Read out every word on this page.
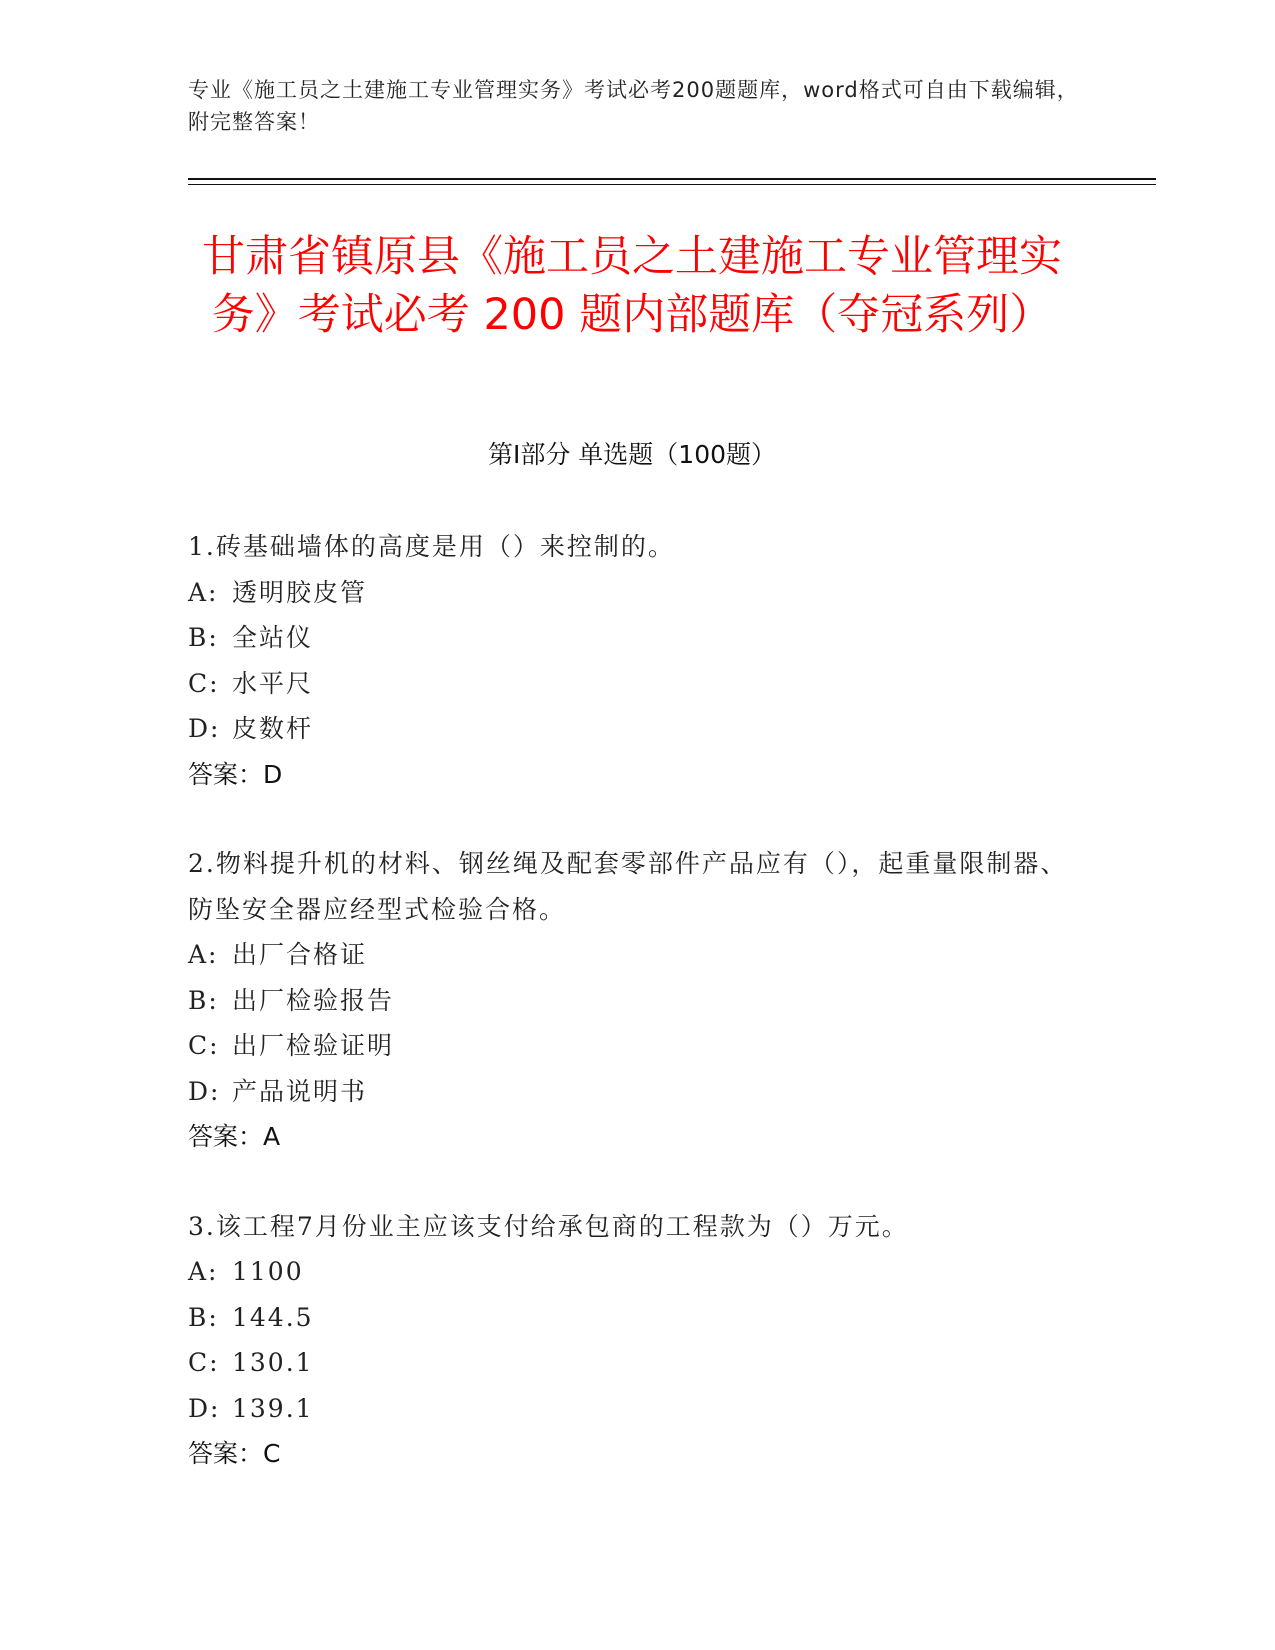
专业《施工员之土建施工专业管理实务》考试必考200题题库，word格式可自由下载编辑，附完整答案！
甘肃省镇原县《施工员之土建施工专业管理实务》考试必考 200 题内部题库（夺冠系列）
第Ⅰ部分 单选题（100题）
1.砖基础墙体的高度是用（）来控制的。
A: 透明胶皮管
B: 全站仪
C: 水平尺
D: 皮数杆
答案：D
2.物料提升机的材料、钢丝绳及配套零部件产品应有（），起重量限制器、防坠安全器应经型式检验合格。
A: 出厂合格证
B: 出厂检验报告
C: 出厂检验证明
D: 产品说明书
答案：A
3.该工程7月份业主应该支付给承包商的工程款为（）万元。
A: 1100
B: 144.5
C: 130.1
D: 139.1
答案：C
